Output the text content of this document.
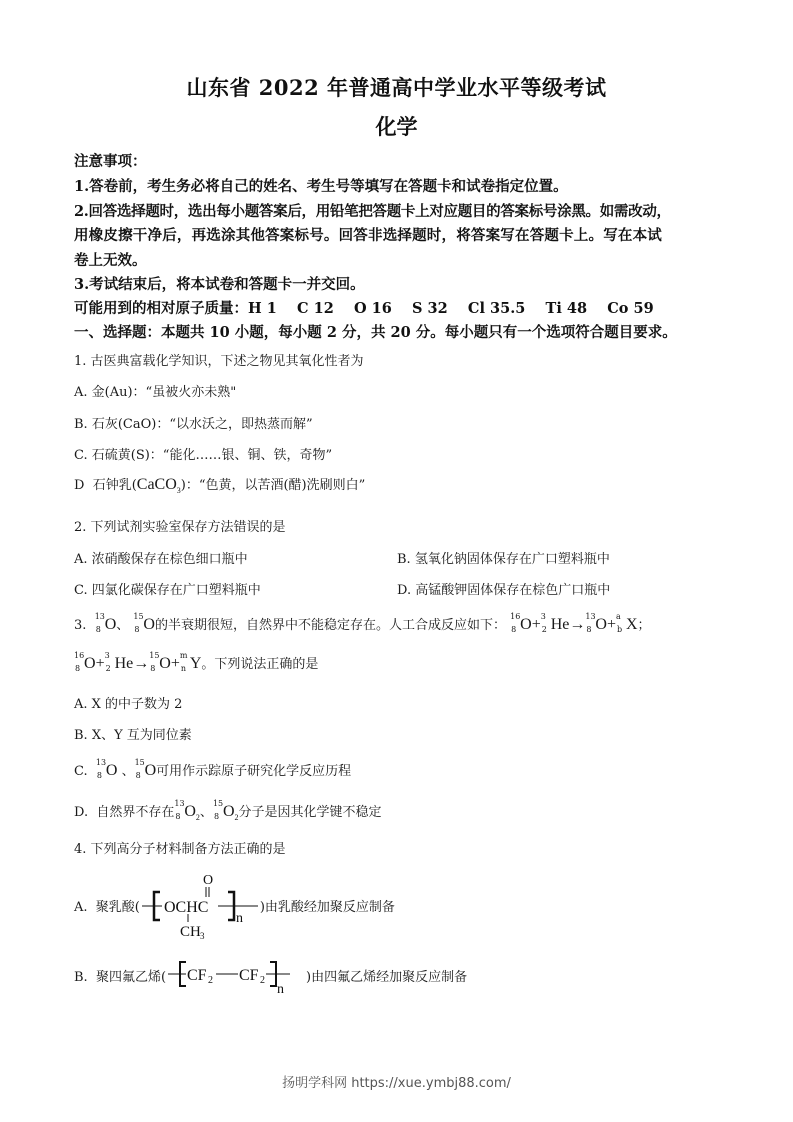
山东省 2022 年普通高中学业水平等级考试
化学
注意事项：
1.答卷前，考生务必将自己的姓名、考生号等填写在答题卡和试卷指定位置。
2.回答选择题时，选出每小题答案后，用铅笔把答题卡上对应题目的答案标号涂黑。如需改动，
用橡皮擦干净后，再选涂其他答案标号。回答非选择题时，将答案写在答题卡上。写在本试
卷上无效。
3.考试结束后，将本试卷和答题卡一并交回。
可能用到的相对原子质量：H 1    C 12    O 16    S 32    Cl 35.5    Ti 48    Co 59
一、选择题：本题共 10 小题，每小题 2 分，共 20 分。每小题只有一个选项符合题目要求。
1. 古医典富载化学知识，下述之物见其氧化性者为
A. 金(Au)：“虽被火亦未熟"
B. 石灰(CaO)：“以水沃之，即热蒸而解”
C. 石硫黄(S)：“能化……银、铜、铁，奇物”
D  石钟乳(CaCO$_3$)：“色黄，以苦酒(醋)洗刷则白”
2. 下列试剂实验室保存方法错误的是
A. 浓硝酸保存在棕色细口瓶中	B. 氢氧化钠固体保存在广口塑料瓶中
C. 四氯化碳保存在广口塑料瓶中	D. 高锰酸钾固体保存在棕色广口瓶中
3.
13
8 O、
15
8 O的半衰期很短，自然界中不能稳定存在。人工合成反应如下：
16
8 O+ 3
2 He→ 13
8 O+ a
b X；
16
8 O+ 3
2 He→ 15
8 O+ m
n Y。下列说法正确的是
A. X 的中子数为 2
B. X、Y 互为同位素
C.
13
8 O 、
15
8 O可用作示踪原子研究化学反应历程
D.  自然界不存在
13
8 $O_2$、
15
8 $O_2$分子是因其化学键不稳定
4. 下列高分子材料制备方法正确的是
A.  聚乳酸( OCHC
O
CH 3
n
)由乳酸经加聚反应制备
B.  聚四氟乙烯( CF 2 CF 2
n
)由四氟乙烯经加聚反应制备
扬明学科网 https://xue.ymbj88.com/
